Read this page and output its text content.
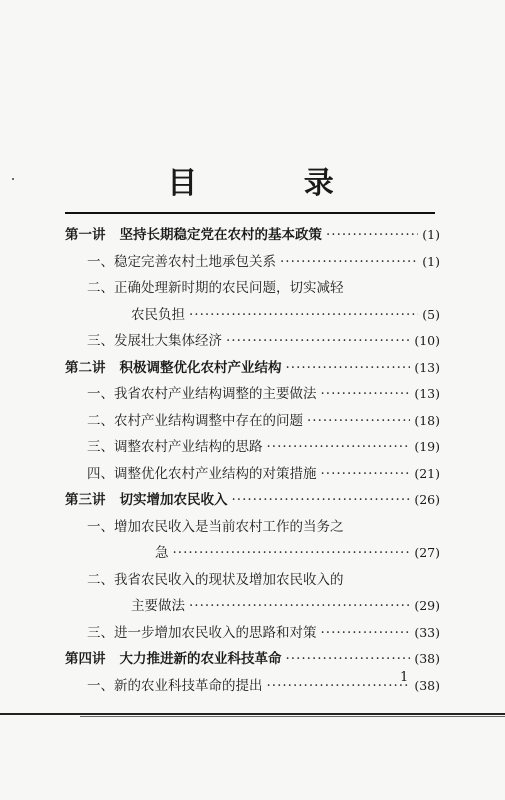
目 录
第一讲 坚持长期稳定党在农村的基本政策 ·····	(1)
一、稳定完善农村土地承包关系 ·····	(1)
二、正确处理新时期的农民问题，切实减轻
农民负担 ·····	(5)
三、发展壮大集体经济 ·····	(10)
第二讲 积极调整优化农村产业结构 ·····	(13)
一、我省农村产业结构调整的主要做法 ·····	(13)
二、农村产业结构调整中存在的问题 ·····	(18)
三、调整农村产业结构的思路 ·····	(19)
四、调整优化农村产业结构的对策措施 ·····	(21)
第三讲 切实增加农民收入 ·····	(26)
一、增加农民收入是当前农村工作的当务之
急 ·····	(27)
二、我省农民收入的现状及增加农民收入的
主要做法 ·····	(29)
三、进一步增加农民收入的思路和对策 ·····	(33)
第四讲 大力推进新的农业科技革命 ·····	(38)
一、新的农业科技革命的提出 ·····	(38)
1
